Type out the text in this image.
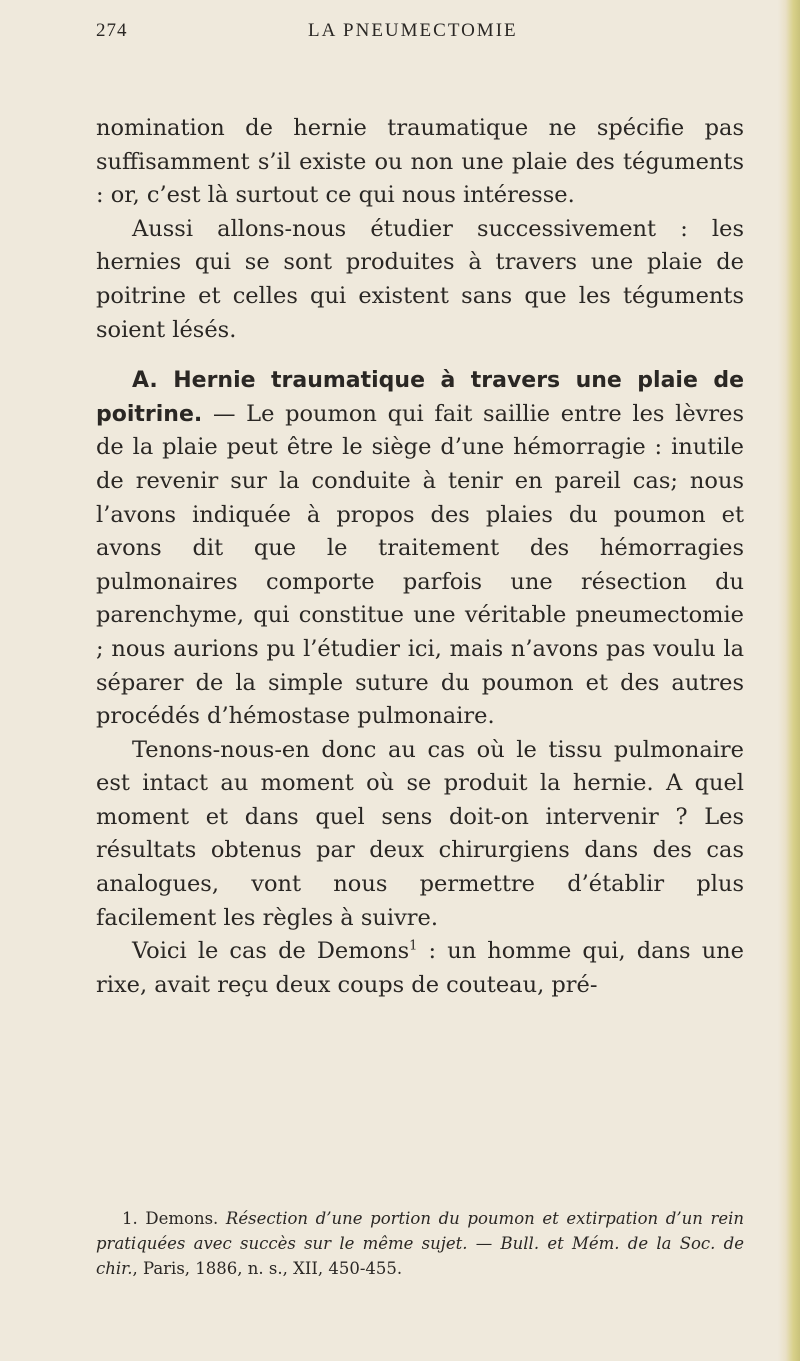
274	LA PNEUMECTOMIE

nomination de hernie traumatique ne spécifie pas suffisamment s’il existe ou non une plaie des téguments : or, c’est là surtout ce qui nous intéresse.

Aussi allons-nous étudier successivement : les hernies qui se sont produites à travers une plaie de poitrine et celles qui existent sans que les téguments soient lésés.

A. Hernie traumatique à travers une plaie de poitrine. — Le poumon qui fait saillie entre les lèvres de la plaie peut être le siège d’une hémorragie : inutile de revenir sur la conduite à tenir en pareil cas; nous l’avons indiquée à propos des plaies du poumon et avons dit que le traitement des hémorragies pulmonaires comporte parfois une résection du parenchyme, qui constitue une véritable pneumectomie ; nous aurions pu l’étudier ici, mais n’avons pas voulu la séparer de la simple suture du poumon et des autres procédés d’hémostase pulmonaire.

Tenons-nous-en donc au cas où le tissu pulmonaire est intact au moment où se produit la hernie. A quel moment et dans quel sens doit-on intervenir ? Les résultats obtenus par deux chirurgiens dans des cas analogues, vont nous permettre d’établir plus facilement les règles à suivre.

Voici le cas de Demons$^1$ : un homme qui, dans une rixe, avait reçu deux coups de couteau, pré-

1. Demons. Résection d’une portion du poumon et extirpation d’un rein pratiquées avec succès sur le même sujet. — Bull. et Mém. de la Soc. de chir., Paris, 1886, n. s., XII, 450-455.
